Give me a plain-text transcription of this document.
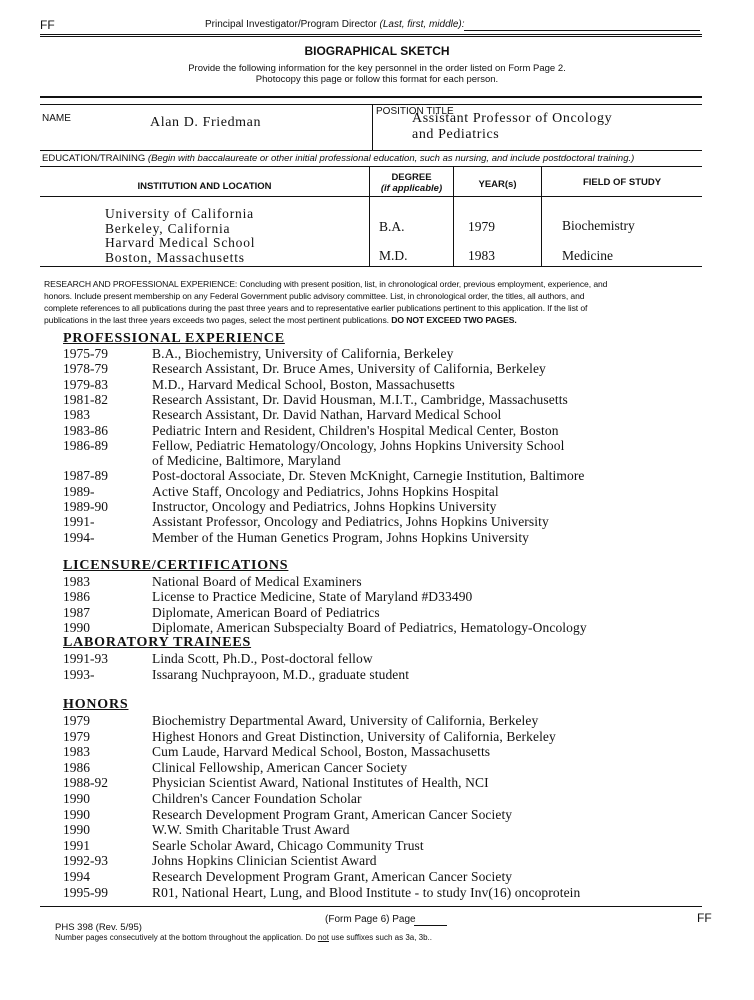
FF	Principal Investigator/Program Director (Last, first, middle):
BIOGRAPHICAL SKETCH
Provide the following information for the key personnel in the order listed on Form Page 2.
Photocopy this page or follow this format for each person.
NAME	Alan D. Friedman
POSITION TITLE
Assistant Professor of Oncology
and Pediatrics
EDUCATION/TRAINING (Begin with baccalaureate or other initial professional education, such as nursing, and include postdoctoral training.)
INSTITUTION AND LOCATION
DEGREE
(if applicable)	YEAR(s)	FIELD OF STUDY
University of California
Berkeley, California	B.A.	1979	Biochemistry
Harvard Medical School
Boston, Massachusetts	M.D.	1983	Medicine
RESEARCH AND PROFESSIONAL EXPERIENCE: Concluding with present position, list, in chronological order, previous employment, experience, and
honors. Include present membership on any Federal Government public advisory committee. List, in chronological order, the titles, all authors, and
complete references to all publications during the past three years and to representative earlier publications pertinent to this application. If the list of
publications in the last three years exceeds two pages, select the most pertinent publications. DO NOT EXCEED TWO PAGES.
PROFESSIONAL EXPERIENCE
1975-79	B.A., Biochemistry, University of California, Berkeley
1978-79	Research Assistant, Dr. Bruce Ames, University of California, Berkeley
1979-83	M.D., Harvard Medical School, Boston, Massachusetts
1981-82	Research Assistant, Dr. David Housman, M.I.T., Cambridge, Massachusetts
1983	Research Assistant, Dr. David Nathan, Harvard Medical School
1983-86	Pediatric Intern and Resident, Children's Hospital Medical Center, Boston
1986-89	Fellow, Pediatric Hematology/Oncology, Johns Hopkins University School
of Medicine, Baltimore, Maryland
1987-89	Post-doctoral Associate, Dr. Steven McKnight, Carnegie Institution, Baltimore
1989-	Active Staff, Oncology and Pediatrics, Johns Hopkins Hospital
1989-90	Instructor, Oncology and Pediatrics, Johns Hopkins University
1991-	Assistant Professor, Oncology and Pediatrics, Johns Hopkins University
1994-	Member of the Human Genetics Program, Johns Hopkins University
LICENSURE/CERTIFICATIONS
1983	National Board of Medical Examiners
1986	License to Practice Medicine, State of Maryland #D33490
1987	Diplomate, American Board of Pediatrics
1990	Diplomate, American Subspecialty Board of Pediatrics, Hematology-Oncology
LABORATORY TRAINEES
1991-93	Linda Scott, Ph.D., Post-doctoral fellow
1993-	Issarang Nuchprayoon, M.D., graduate student
HONORS
1979	Biochemistry Departmental Award, University of California, Berkeley
1979	Highest Honors and Great Distinction, University of California, Berkeley
1983	Cum Laude, Harvard Medical School, Boston, Massachusetts
1986	Clinical Fellowship, American Cancer Society
1988-92	Physician Scientist Award, National Institutes of Health, NCI
1990	Children's Cancer Foundation Scholar
1990	Research Development Program Grant, American Cancer Society
1990	W.W. Smith Charitable Trust Award
1991	Searle Scholar Award, Chicago Community Trust
1992-93	Johns Hopkins Clinician Scientist Award
1994	Research Development Program Grant, American Cancer Society
1995-99	R01, National Heart, Lung, and Blood Institute - to study Inv(16) oncoprotein
PHS 398 (Rev. 5/95)
(Form Page 6) Page	FF
Number pages consecutively at the bottom throughout the application. Do not use suffixes such as 3a, 3b..
